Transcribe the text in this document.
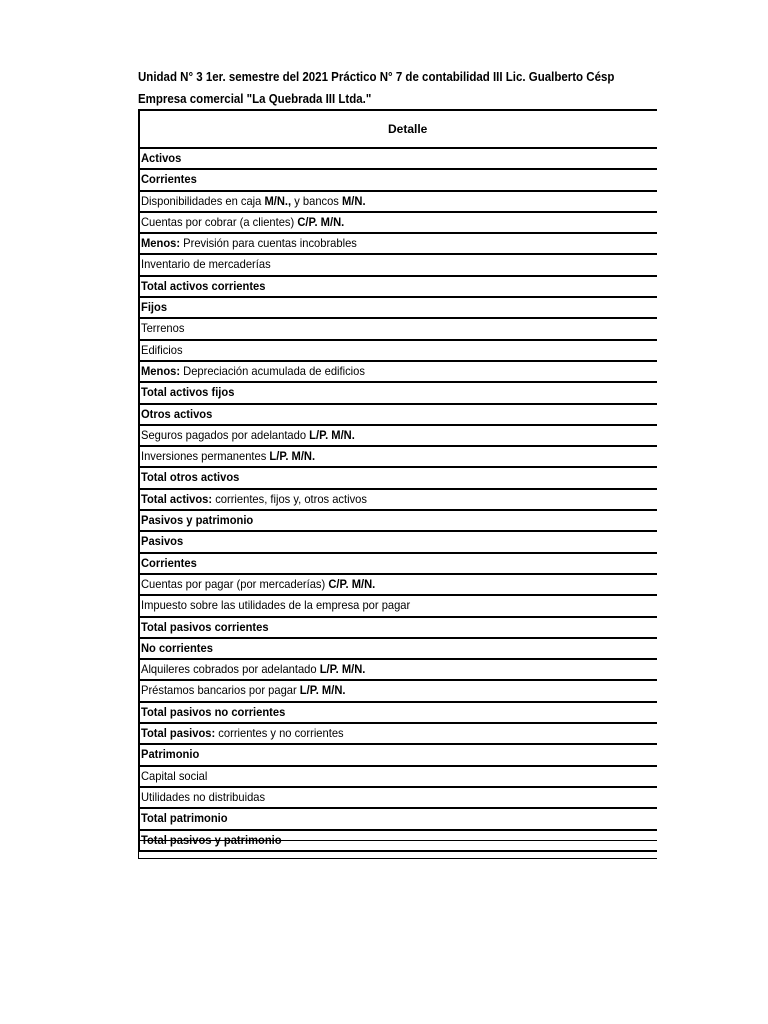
Unidad N° 3 1er. semestre del 2021 Práctico N° 7 de contabilidad III Lic. Gualberto Césp
Empresa comercial "La Quebrada III Ltda."
Detalle
Activos
Corrientes
Disponibilidades en caja M/N., y bancos M/N.
Cuentas por cobrar (a clientes) C/P. M/N.
Menos: Previsión para cuentas incobrables
Inventario de mercaderías
Total activos corrientes
Fijos
Terrenos
Edificios
Menos: Depreciación acumulada de edificios
Total activos fijos
Otros activos
Seguros pagados por adelantado L/P. M/N.
Inversiones permanentes L/P. M/N.
Total otros activos
Total activos: corrientes, fijos y, otros activos
Pasivos y patrimonio
Pasivos
Corrientes
Cuentas por pagar (por mercaderías) C/P. M/N.
Impuesto sobre las utilidades de la empresa por pagar
Total pasivos corrientes
No corrientes
Alquileres cobrados por adelantado L/P. M/N.
Préstamos bancarios por pagar L/P. M/N.
Total pasivos no corrientes
Total pasivos: corrientes y no corrientes
Patrimonio
Capital social
Utilidades no distribuidas
Total patrimonio
Total pasivos y patrimonio
